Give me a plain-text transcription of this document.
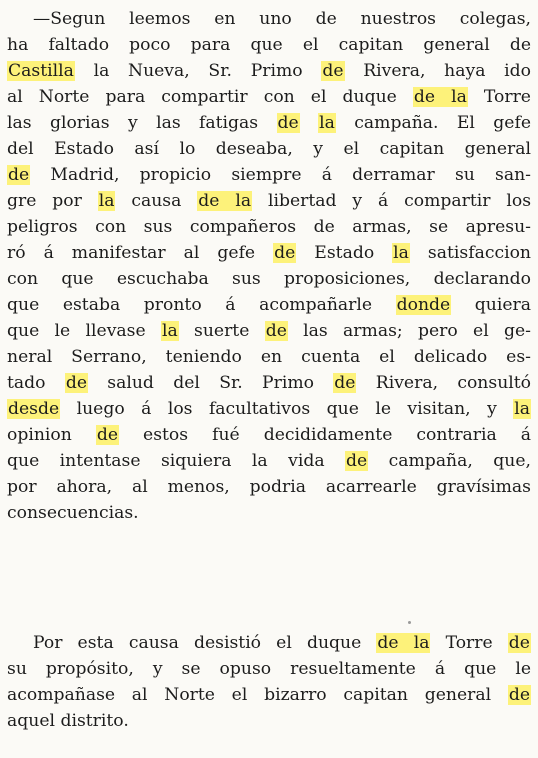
—Segun leemos en uno de nuestros colegas,
ha faltado poco para que el capitan general de
Castilla la Nueva, Sr. Primo de Rivera, haya ido
al Norte para compartir con el duque de la Torre
las glorias y las fatigas de la campaña. El gefe
del Estado así lo deseaba, y el capitan general
de Madrid, propicio siempre á derramar su san-
gre por la causa de la libertad y á compartir los
peligros con sus compañeros de armas, se apresu-
ró á manifestar al gefe de Estado la satisfaccion
con que escuchaba sus proposiciones, declarando
que estaba pronto á acompañarle donde quiera
que le llevase la suerte de las armas; pero el ge-
neral Serrano, teniendo en cuenta el delicado es-
tado de salud del Sr. Primo de Rivera, consultó
desde luego á los facultativos que le visitan, y la
opinion de estos fué decididamente contraria á
que intentase siquiera la vida de campaña, que,
por ahora, al menos, podria acarrearle gravísimas
consecuencias.
Por esta causa desistió el duque de la Torre de
su propósito, y se opuso resueltamente á que le
acompañase al Norte el bizarro capitan general de
aquel distrito.
